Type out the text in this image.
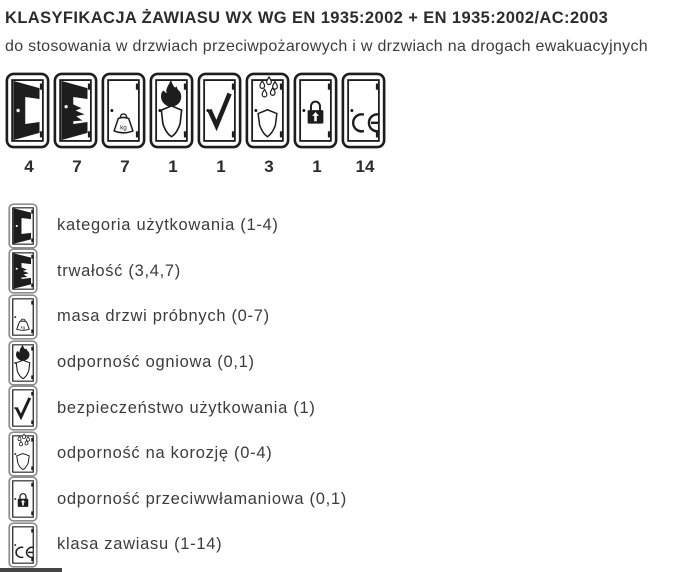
KLASYFIKACJA ŻAWIASU WX WG EN 1935:2002 + EN 1935:2002/AC:2003

do stosowania w drzwiach przeciwpożarowych i w drzwiach na drogach ewakuacyjnych

4	7	7	1	1	3	1	14
kategoria użytkowania (1-4)
trwałość (3,4,7)
masa drzwi próbnych (0-7)
odporność ogniowa (0,1)
bezpieczeństwo użytkowania (1)
odporność na korozję (0-4)
odporność przeciwwłamaniowa (0,1)
klasa zawiasu (1-14)
